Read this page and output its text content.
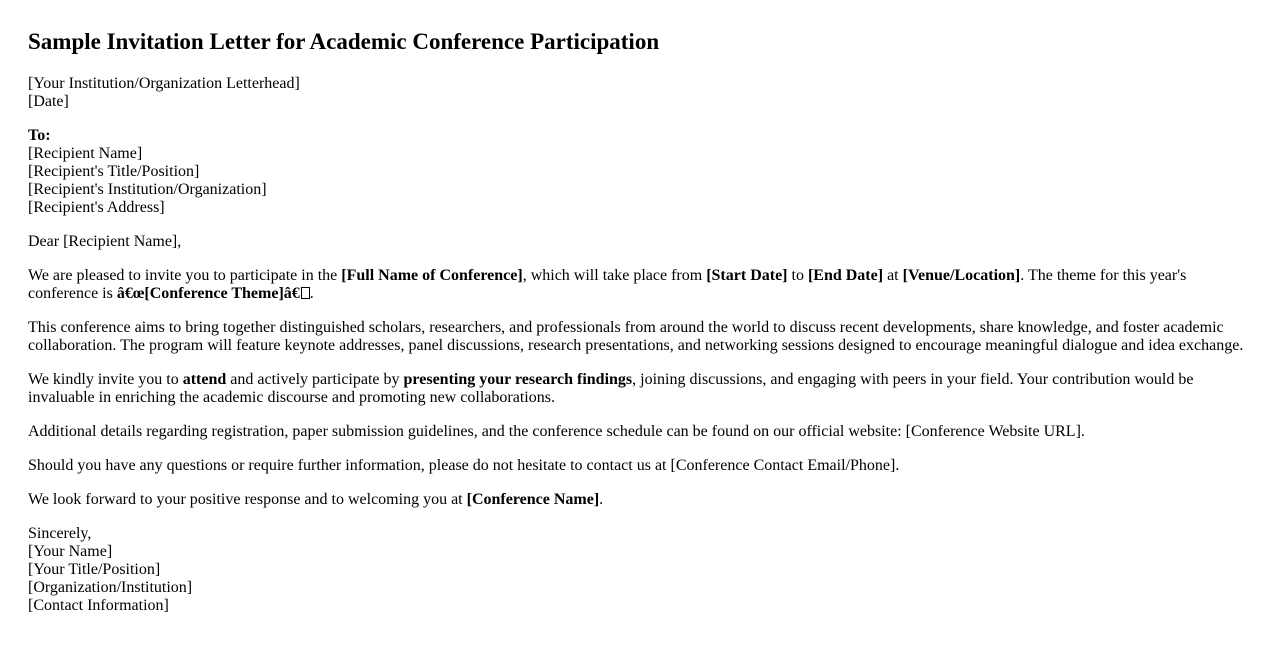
Sample Invitation Letter for Academic Conference Participation
[Your Institution/Organization Letterhead]
[Date]
To:
[Recipient Name]
[Recipient's Title/Position]
[Recipient's Institution/Organization]
[Recipient's Address]
Dear [Recipient Name],
We are pleased to invite you to participate in the [Full Name of Conference], which will take place from [Start Date] to [End Date] at [Venue/Location]. The theme for this year's conference is â€œ[Conference Theme]â€ .
This conference aims to bring together distinguished scholars, researchers, and professionals from around the world to discuss recent developments, share knowledge, and foster academic collaboration. The program will feature keynote addresses, panel discussions, research presentations, and networking sessions designed to encourage meaningful dialogue and idea exchange.
We kindly invite you to attend and actively participate by presenting your research findings, joining discussions, and engaging with peers in your field. Your contribution would be invaluable in enriching the academic discourse and promoting new collaborations.
Additional details regarding registration, paper submission guidelines, and the conference schedule can be found on our official website: [Conference Website URL].
Should you have any questions or require further information, please do not hesitate to contact us at [Conference Contact Email/Phone].
We look forward to your positive response and to welcoming you at [Conference Name].
Sincerely,
[Your Name]
[Your Title/Position]
[Organization/Institution]
[Contact Information]
